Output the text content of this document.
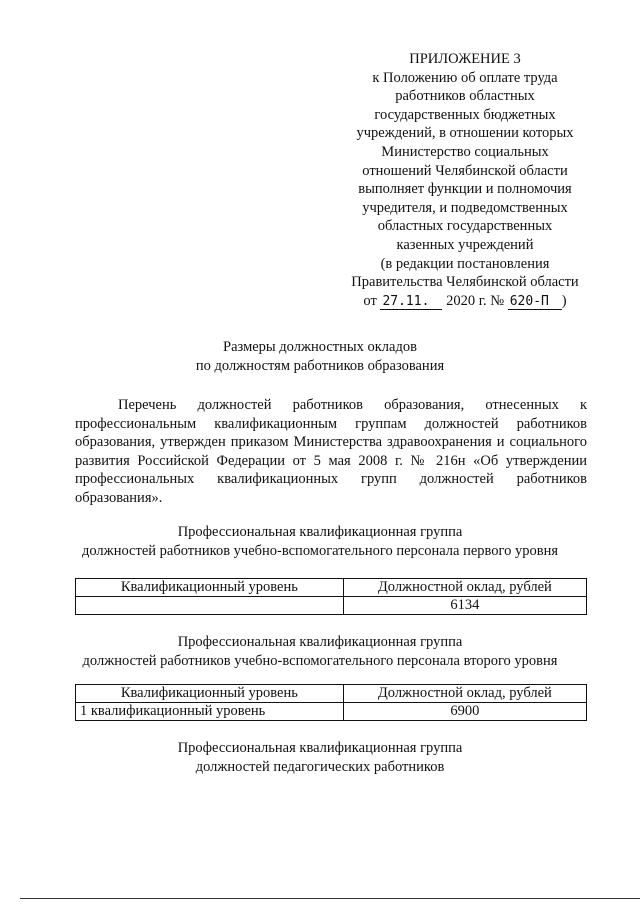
ПРИЛОЖЕНИЕ 3
к Положению об оплате труда
работников областных
государственных бюджетных
учреждений, в отношении которых
Министерство социальных
отношений Челябинской области
выполняет функции и полномочия
учредителя, и подведомственных
областных государственных
казенных учреждений
(в редакции постановления
Правительства Челябинской области
от 27.11. 2020 г. № 620-П )
Размеры должностных окладов
по должностям работников образования
Перечень должностей работников образования, отнесенных к профессиональным квалификационным группам должностей работников образования, утвержден приказом Министерства здравоохранения и социального развития Российской Федерации от 5 мая 2008 г. № 216н «Об утверждении профессиональных квалификационных групп должностей работников образования».
Профессиональная квалификационная группа
должностей работников учебно-вспомогательного персонала первого уровня
Квалификационный уровень	Должностной оклад, рублей
	6134
Профессиональная квалификационная группа
должностей работников учебно-вспомогательного персонала второго уровня
Квалификационный уровень	Должностной оклад, рублей
1 квалификационный уровень	6900
Профессиональная квалификационная группа
должностей педагогических работников
